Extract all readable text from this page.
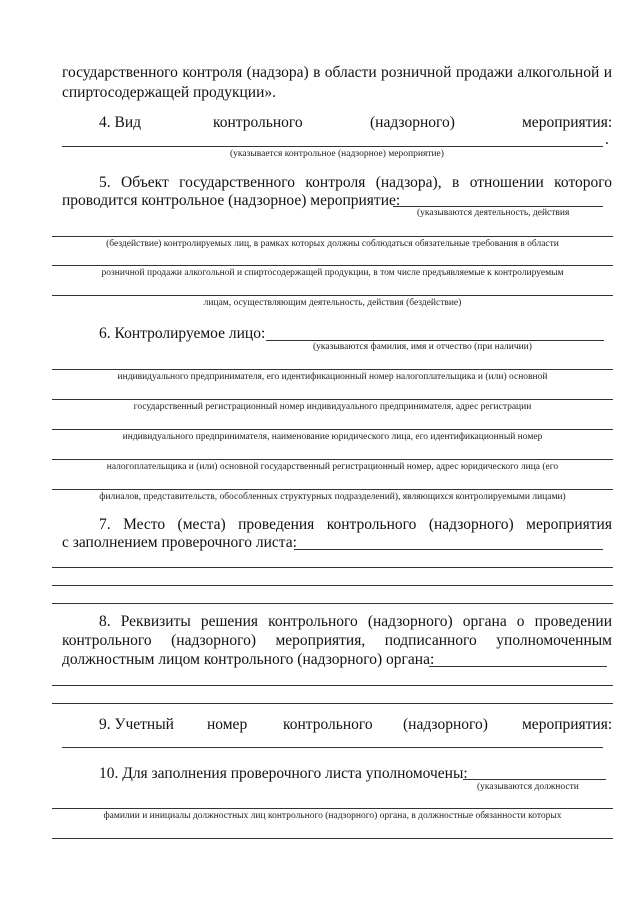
государственного контроля (надзора) в области розничной продажи алкогольной и
спиртосодержащей продукции».
4. Вид	контрольного	(надзорного)	мероприятия:
.
(указывается контрольное (надзорное) мероприятие)
5. Объект государственного контроля (надзора), в отношении которого
проводится контрольное (надзорное) мероприятие:
(указываются деятельность, действия
(бездействие) контролируемых лиц, в рамках которых должны соблюдаться обязательные требования в области
розничной продажи алкогольной и спиртосодержащей продукции, в том числе предъявляемые к контролируемым
лицам, осуществляющим деятельность, действия (бездействие)
6. Контролируемое лицо:
(указываются фамилия, имя и отчество (при наличии)
индивидуального предпринимателя, его идентификационный номер налогоплательщика и (или) основной
государственный регистрационный номер индивидуального предпринимателя, адрес регистрации
индивидуального предпринимателя, наименование юридического лица, его идентификационный номер
налогоплательщика и (или) основной государственный регистрационный номер, адрес юридического лица (его
филиалов, представительств, обособленных структурных подразделений), являющихся контролируемыми лицами)
7. Место (места) проведения контрольного (надзорного) мероприятия
с заполнением проверочного листа:
8. Реквизиты решения контрольного (надзорного) органа о проведении
контрольного (надзорного) мероприятия, подписанного уполномоченным
должностным лицом контрольного (надзорного) органа:
9. Учетный номер контрольного (надзорного) мероприятия:
10. Для заполнения проверочного листа уполномочены:
(указываются должности
фамилии и инициалы должностных лиц контрольного (надзорного) органа, в должностные обязанности которых
